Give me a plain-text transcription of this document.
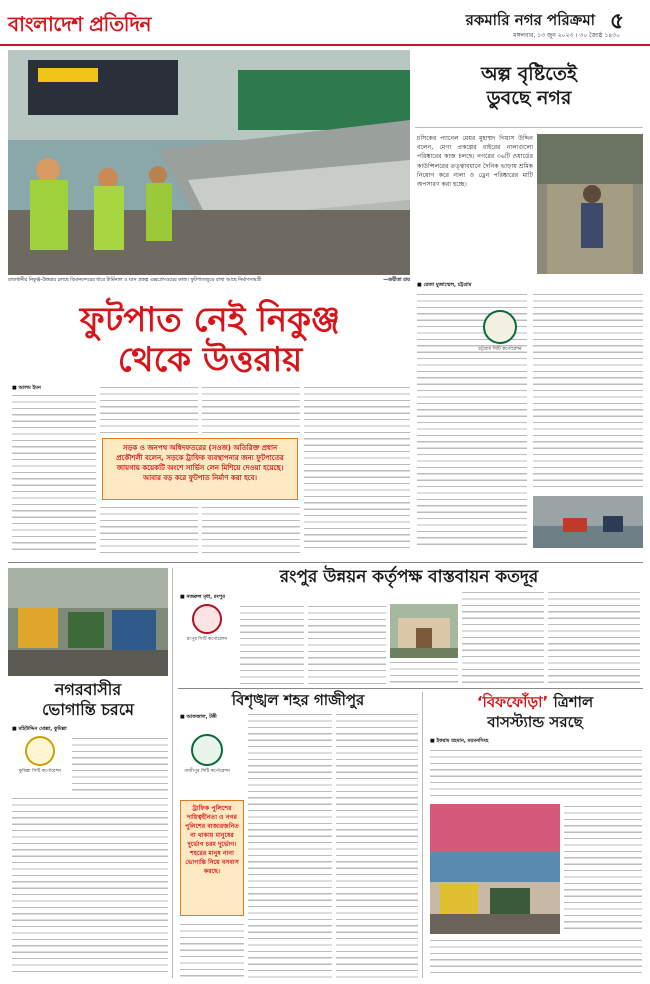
বাংলাদেশ প্রতিদিন	রকমারি নগর পরিক্রমা ৫
মঙ্গলবার, ১৩ জুন ২০২৩ । ৩০ জ্যৈষ্ঠ ১৪৩০
অল্প বৃষ্টিতেই
ডুবছে নগর
চসিকের প্যানেল মেয়র মুহাম্মদ গিয়াস উদ্দিন বলেন, মেগা প্রকল্পের বাইরের নালাগুলো পরিষ্কারের কাজ চলছে। নগরের ৩৬টি ওয়ার্ডের কাউন্সিলরের তত্ত্বাবধানে দৈনিক ভাড়ায় শ্রমিক নিয়োগ করে নালা ও ড্রেন পরিষ্কারের মাটি অপসারণ করা হচ্ছে।
■ রেজা মুজাম্মেল, চট্টগ্রাম
চট্টগ্রাম সিটি কর্পোরেশন
রাজধানীর নিকুঞ্জ-উত্তরার চলছে বিমানবন্দরের ধারে টার্মিনাল ও ঘাস প্রকল্প এক্সপ্রেসওয়ের কাজ। ফুটপাতজুড়ে রাখা আছে নির্মাণসামগ্রী	—জয়ীতা রায়
ফুটপাত নেই নিকুঞ্জ
থেকে উত্তরায়
■ আলম ইমন
সড়ক ও জনপথ অধিদফতরের (সওজ) অতিরিক্ত প্রধান প্রকৌশলী বলেন, সড়কে ট্রাফিক ব্যবস্থাপনার জন্য ফুটপাতের জায়গায় কয়েকটি অংশে সার্ভিস লেন মিশিয়ে দেওয়া হয়েছে। আবার বড় করে ফুটপাত নির্মাণ করা হবে।
নগরবাসীর
ভোগান্তি চরমে
■ মহিউদ্দিন মোল্লা, কুমিল্লা
কুমিল্লা সিটি কর্পোরেশন
রংপুর উন্নয়ন কর্তৃপক্ষ বাস্তবায়ন কতদূর
■ নজরুল মৃধা, রংপুর
রংপুর সিটি কর্পোরেশন
বিশৃঙ্খল শহর গাজীপুর
■ আফজাল, টঙ্গী
গাজীপুর সিটি কর্পোরেশন
ট্রাফিক পুলিশের দায়িত্বহীনতা ও নগর পুলিশের বাজারজনিত না থাকায় মানুষের দুর্ভোগ চরম দুর্ভোগ। শহরের মানুষ নানা ভোগান্তি নিয়ে বসবাস করছে।
‘বিফফোঁড়া’ ত্রিশাল
বাসস্ট্যান্ড সরছে
■ ইকরাম রহমান, ময়মনসিংহ
